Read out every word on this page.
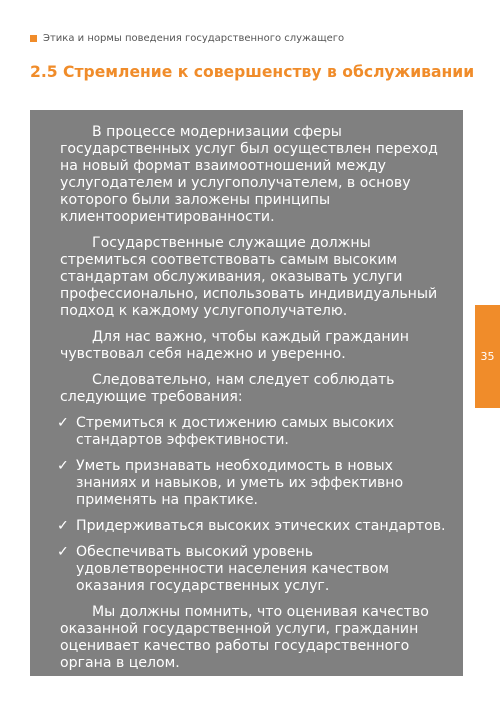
Этика и нормы поведения государственного служащего
2.5 Стремление к совершенству в обслуживании

В процессе модернизации сферы государственных услуг был осуществлен переход на новый формат взаимоотношений между услугодателем и услугополучателем, в основу которого были заложены принципы клиентоориентированности.

Государственные служащие должны стремиться соответствовать самым высоким стандартам обслуживания, оказывать услуги профессионально, использовать индивидуальный подход к каждому услугополучателю.

Для нас важно, чтобы каждый гражданин чувствовал себя надежно и уверенно.

Следовательно, нам следует соблюдать следующие требования:

✓ Стремиться к достижению самых высоких стандартов эффективности.
✓ Уметь признавать необходимость в новых знаниях и навыков, и уметь их эффективно применять на практике.
✓ Придерживаться высоких этических стандартов.
✓ Обеспечивать высокий уровень удовлетворенности населения качеством оказания государственных услуг.

Мы должны помнить, что оценивая качество оказанной государственной услуги, гражданин оценивает качество работы государственного органа в целом.

35
